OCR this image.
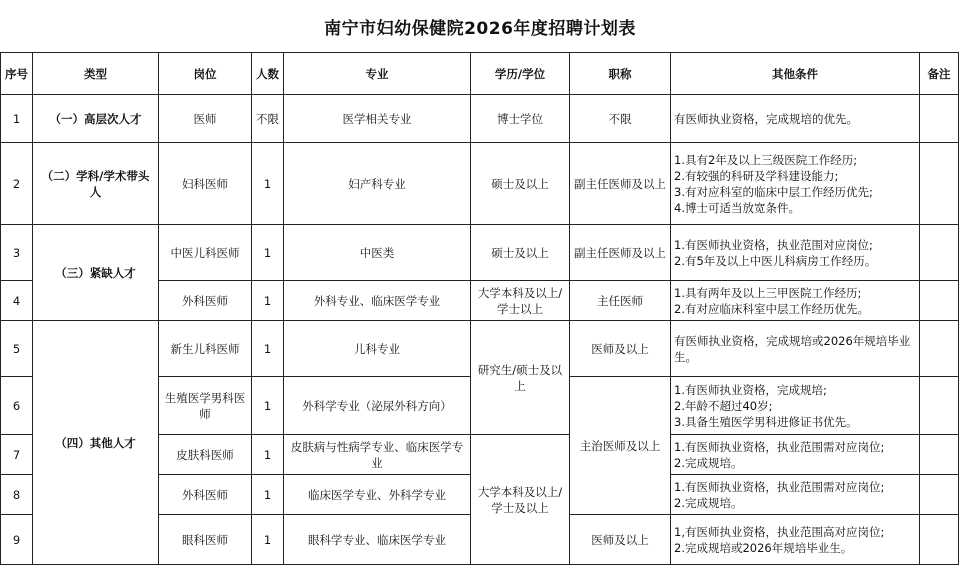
南宁市妇幼保健院2026年度招聘计划表
序号	类型	岗位	人数	专业	学历/学位	职称	其他条件	备注
1	（一）高层次人才	医师	不限	医学相关专业	博士学位	不限	有医师执业资格，完成规培的优先。	

2	（二）学科/学术带头人	妇科医师	1	妇产科专业	硕士及以上	副主任医师及以上	1.具有2年及以上三级医院工作经历;
2.有较强的科研及学科建设能力;
3.有对应科室的临床中层工作经历优先;
4.博士可适当放宽条件。	

3	（三）紧缺人才	中医儿科医师	1	中医类	硕士及以上	副主任医师及以上	1.有医师执业资格，执业范围对应岗位;
2.有5年及以上中医儿科病房工作经历。	

4		外科医师	1	外科专业、临床医学专业	大学本科及以上/学士以上	主任医师	1.具有两年及以上三甲医院工作经历;
2.有对应临床科室中层工作经历优先。	

5	（四）其他人才	新生儿科医师	1	儿科专业	研究生/硕士及以上	医师及以上	有医师执业资格，完成规培或2026年规培毕业生。	

6		生殖医学男科医师	1	外科学专业（泌尿外科方向）		主治医师及以上	1.有医师执业资格，完成规培;
2.年龄不超过40岁;
3.具备生殖医学男科进修证书优先。	

7		皮肤科医师	1	皮肤病与性病学专业、临床医学专业	大学本科及以上/学士及以上		1.有医师执业资格，执业范围需对应岗位;
2.完成规培。	

8		外科医师	1	临床医学专业、外科学专业			1.有医师执业资格，执业范围需对应岗位;
2.完成规培。	

9		眼科医师	1	眼科学专业、临床医学专业		医师及以上	1,有医师执业资格，执业范围高对应岗位;
2.完成规培或2026年规培毕业生。	
